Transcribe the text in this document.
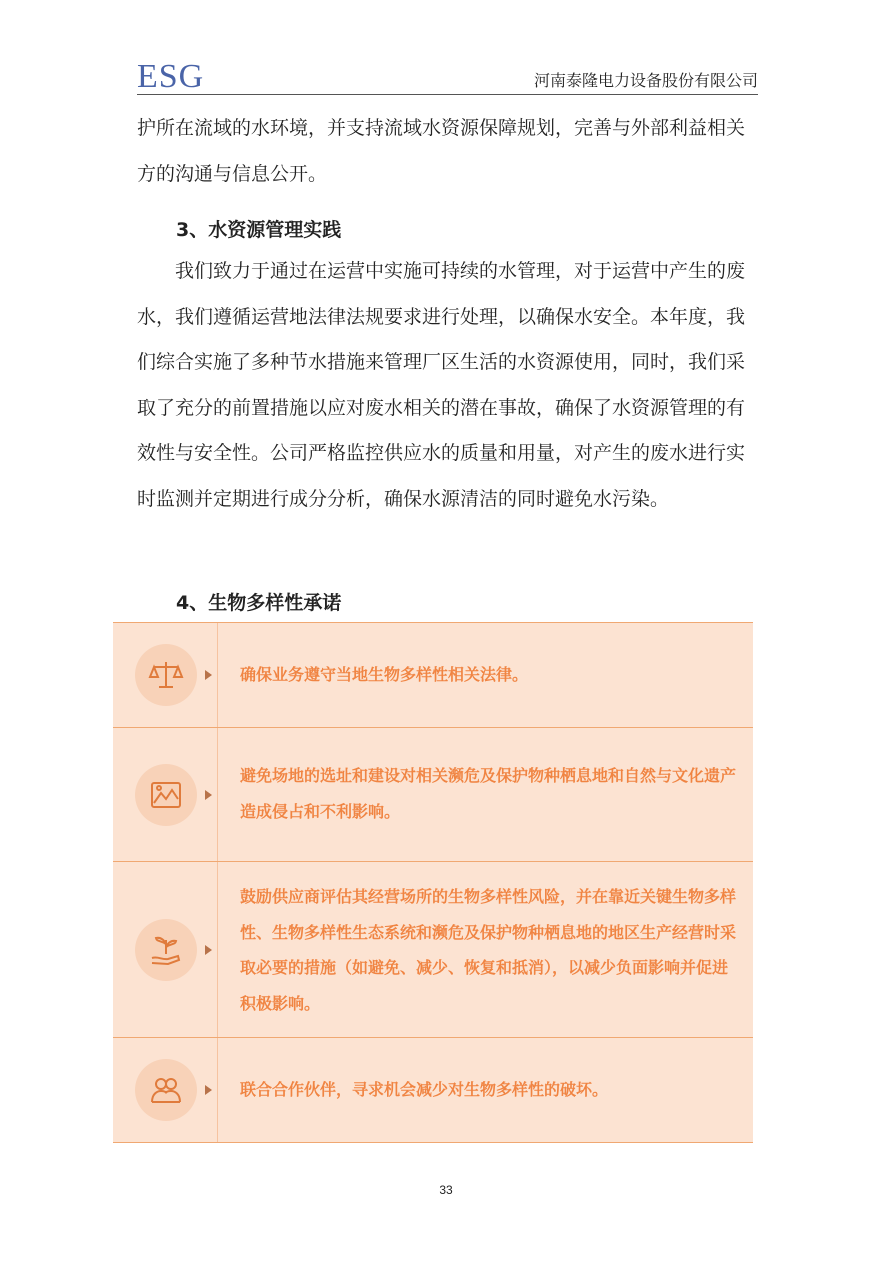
ESG	河南泰隆电力设备股份有限公司

护所在流域的水环境，并支持流域水资源保障规划，完善与外部利益相关方的沟通与信息公开。

3、水资源管理实践

我们致力于通过在运营中实施可持续的水管理，对于运营中产生的废水，我们遵循运营地法律法规要求进行处理，以确保水安全。本年度，我们综合实施了多种节水措施来管理厂区生活的水资源使用，同时，我们采取了充分的前置措施以应对废水相关的潜在事故，确保了水资源管理的有效性与安全性。公司严格监控供应水的质量和用量，对产生的废水进行实时监测并定期进行成分分析，确保水源清洁的同时避免水污染。

4、生物多样性承诺

确保业务遵守当地生物多样性相关法律。

避免场地的选址和建设对相关濒危及保护物种栖息地和自然与文化遗产造成侵占和不利影响。

鼓励供应商评估其经营场所的生物多样性风险，并在靠近关键生物多样性、生物多样性生态系统和濒危及保护物种栖息地的地区生产经营时采取必要的措施（如避免、减少、恢复和抵消），以减少负面影响并促进积极影响。

联合合作伙伴，寻求机会减少对生物多样性的破坏。

33
